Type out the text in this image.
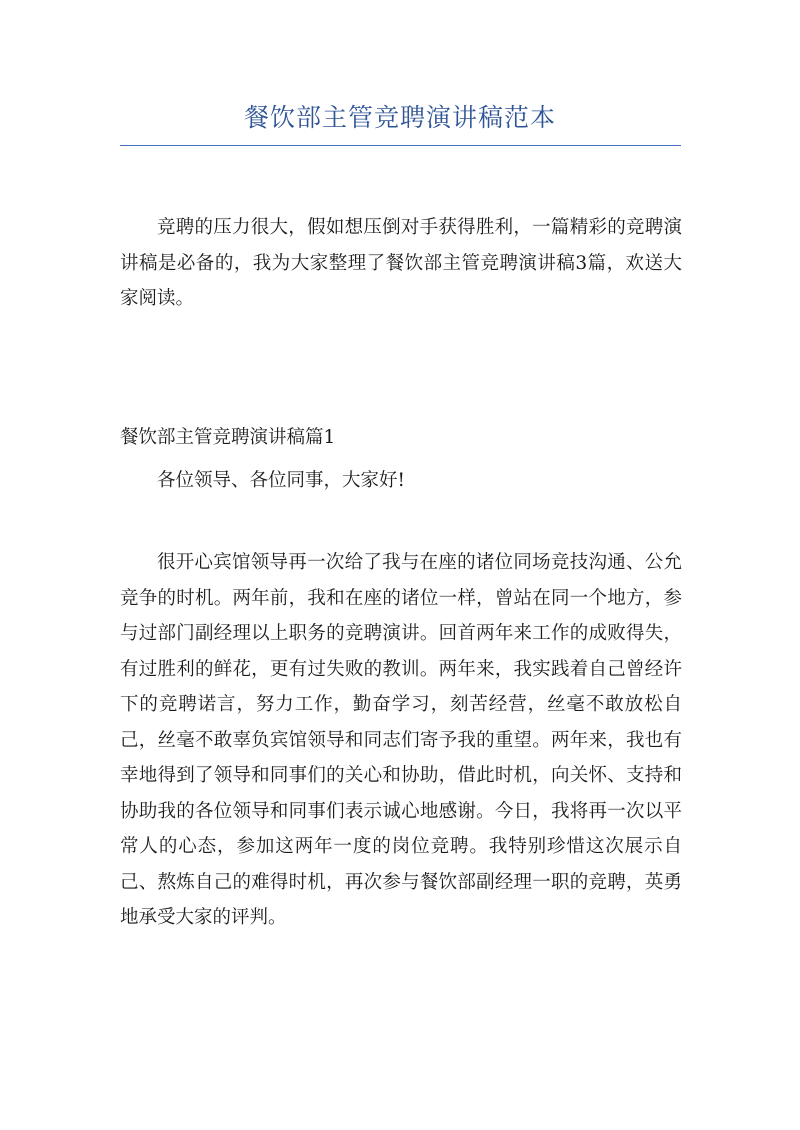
餐饮部主管竞聘演讲稿范本

竞聘的压力很大，假如想压倒对手获得胜利，一篇精彩的竞聘演讲稿是必备的，我为大家整理了餐饮部主管竞聘演讲稿3篇，欢送大家阅读。

餐饮部主管竞聘演讲稿篇1

各位领导、各位同事，大家好!

很开心宾馆领导再一次给了我与在座的诸位同场竞技沟通、公允竞争的时机。两年前，我和在座的诸位一样，曾站在同一个地方，参与过部门副经理以上职务的竞聘演讲。回首两年来工作的成败得失，有过胜利的鲜花，更有过失败的教训。两年来，我实践着自己曾经许下的竞聘诺言，努力工作，勤奋学习，刻苦经营，丝毫不敢放松自己，丝毫不敢辜负宾馆领导和同志们寄予我的重望。两年来，我也有幸地得到了领导和同事们的关心和协助，借此时机，向关怀、支持和协助我的各位领导和同事们表示诚心地感谢。今日，我将再一次以平常人的心态，参加这两年一度的岗位竞聘。我特别珍惜这次展示自己、熬炼自己的难得时机，再次参与餐饮部副经理一职的竞聘，英勇地承受大家的评判。
